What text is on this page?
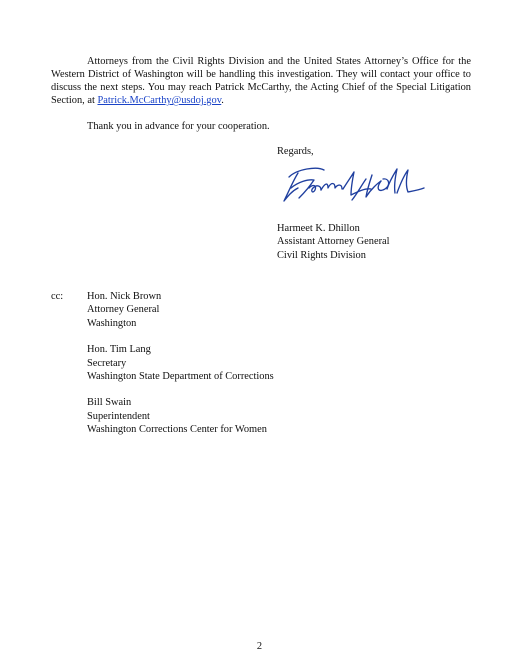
Attorneys from the Civil Rights Division and the United States Attorney’s Office for the Western District of Washington will be handling this investigation. They will contact your office to discuss the next steps. You may reach Patrick McCarthy, the Acting Chief of the Special Litigation Section, at Patrick.McCarthy@usdoj.gov.

Thank you in advance for your cooperation.

Regards,

Harmeet K. Dhillon
Assistant Attorney General
Civil Rights Division
cc: Hon. Nick Brown
Attorney General
Washington
Hon. Tim Lang
Secretary
Washington State Department of Corrections
Bill Swain
Superintendent
Washington Corrections Center for Women
2
